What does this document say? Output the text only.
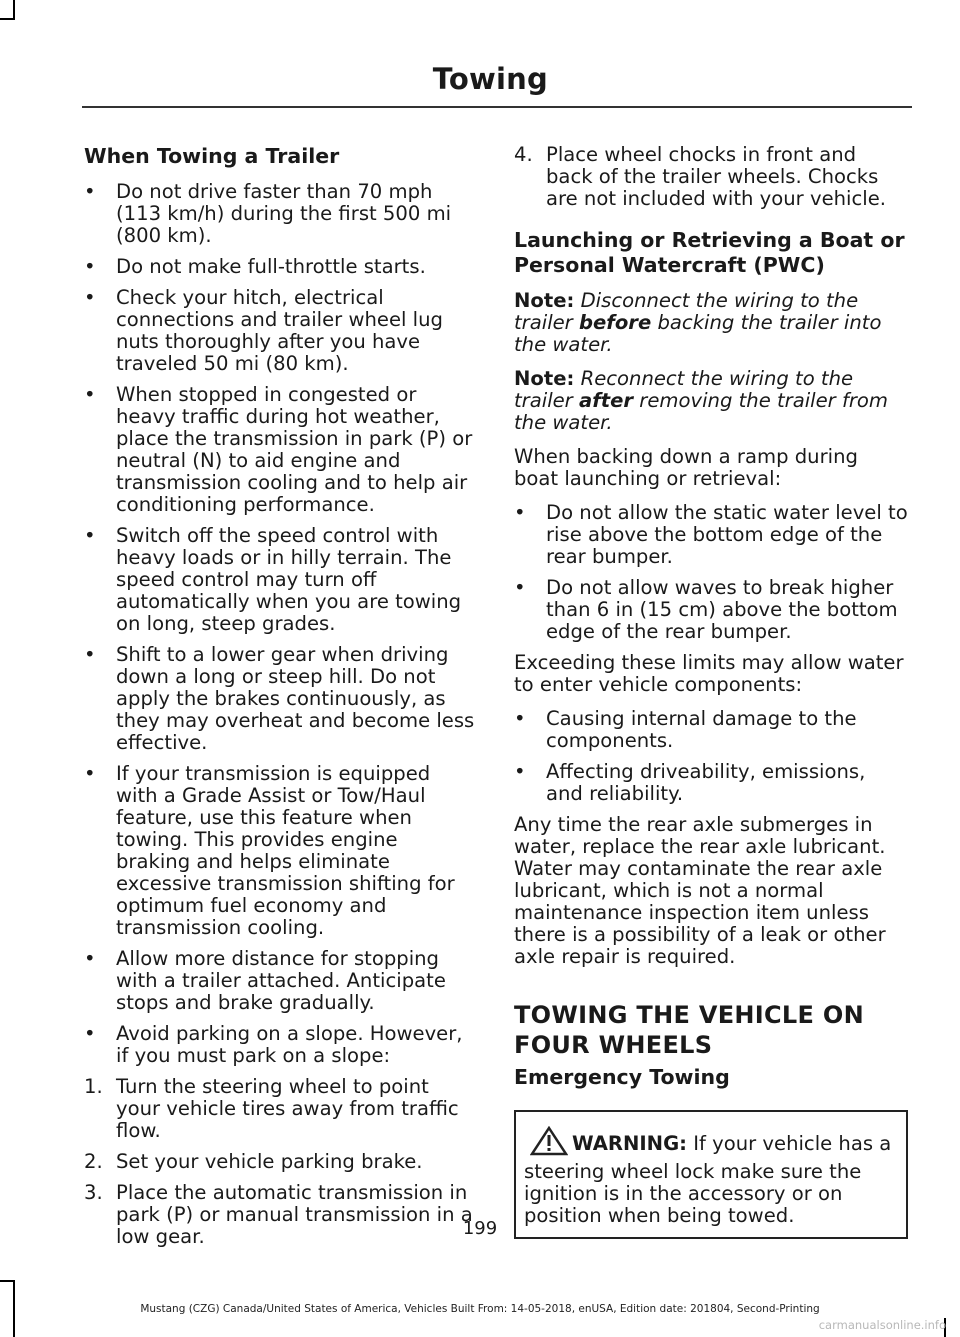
Towing
When Towing a Trailer
• Do not drive faster than 70 mph (113 km/h) during the first 500 mi (800 km).
• Do not make full-throttle starts.
• Check your hitch, electrical connections and trailer wheel lug nuts thoroughly after you have traveled 50 mi (80 km).
• When stopped in congested or heavy traffic during hot weather, place the transmission in park (P) or neutral (N) to aid engine and transmission cooling and to help air conditioning performance.
• Switch off the speed control with heavy loads or in hilly terrain. The speed control may turn off automatically when you are towing on long, steep grades.
• Shift to a lower gear when driving down a long or steep hill. Do not apply the brakes continuously, as they may overheat and become less effective.
• If your transmission is equipped with a Grade Assist or Tow/Haul feature, use this feature when towing. This provides engine braking and helps eliminate excessive transmission shifting for optimum fuel economy and transmission cooling.
• Allow more distance for stopping with a trailer attached. Anticipate stops and brake gradually.
• Avoid parking on a slope. However, if you must park on a slope:
1. Turn the steering wheel to point your vehicle tires away from traffic flow.
2. Set your vehicle parking brake.
3. Place the automatic transmission in park (P) or manual transmission in a low gear.
4. Place wheel chocks in front and back of the trailer wheels. Chocks are not included with your vehicle.
Launching or Retrieving a Boat or Personal Watercraft (PWC)

Note: Disconnect the wiring to the trailer before backing the trailer into the water.

Note: Reconnect the wiring to the trailer after removing the trailer from the water.

When backing down a ramp during boat launching or retrieval:

• Do not allow the static water level to rise above the bottom edge of the rear bumper.
• Do not allow waves to break higher than 6 in (15 cm) above the bottom edge of the rear bumper.

Exceeding these limits may allow water to enter vehicle components:

• Causing internal damage to the components.
• Affecting driveability, emissions, and reliability.

Any time the rear axle submerges in water, replace the rear axle lubricant. Water may contaminate the rear axle lubricant, which is not a normal maintenance inspection item unless there is a possibility of a leak or other axle repair is required.

TOWING THE VEHICLE ON
FOUR WHEELS
Emergency Towing
WARNING: If your vehicle has a steering wheel lock make sure the ignition is in the accessory or on position when being towed.
199
Mustang (CZG) Canada/United States of America, Vehicles Built From: 14-05-2018, enUSA, Edition date: 201804, Second-Printing
carmanualsonline.info
